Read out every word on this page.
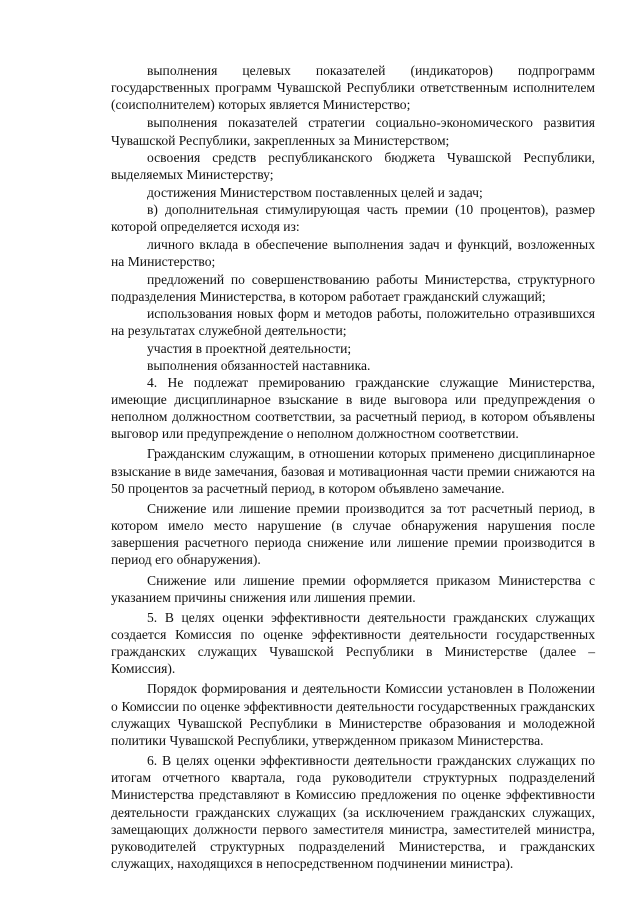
выполнения целевых показателей (индикаторов) подпрограмм государственных программ Чувашской Республики ответственным исполнителем (соисполнителем) которых является Министерство;

выполнения показателей стратегии социально-экономического развития Чувашской Республики, закрепленных за Министерством;

освоения средств республиканского бюджета Чувашской Республики, выделяемых Министерству;

достижения Министерством поставленных целей и задач;

в) дополнительная стимулирующая часть премии (10 процентов), размер которой определяется исходя из:

личного вклада в обеспечение выполнения задач и функций, возложенных на Министерство;

предложений по совершенствованию работы Министерства, структурного подразделения Министерства, в котором работает гражданский служащий;

использования новых форм и методов работы, положительно отразившихся на результатах служебной деятельности;

участия в проектной деятельности;

выполнения обязанностей наставника.

4. Не подлежат премированию гражданские служащие Министерства, имеющие дисциплинарное взыскание в виде выговора или предупреждения о неполном должностном соответствии, за расчетный период, в котором объявлены выговор или предупреждение о неполном должностном соответствии.

Гражданским служащим, в отношении которых применено дисциплинарное взыскание в виде замечания, базовая и мотивационная части премии снижаются на 50 процентов за расчетный период, в котором объявлено замечание.

Снижение или лишение премии производится за тот расчетный период, в котором имело место нарушение (в случае обнаружения нарушения после завершения расчетного периода снижение или лишение премии производится в период его обнаружения).

Снижение или лишение премии оформляется приказом Министерства с указанием причины снижения или лишения премии.

5. В целях оценки эффективности деятельности гражданских служащих создается Комиссия по оценке эффективности деятельности государственных гражданских служащих Чувашской Республики в Министерстве (далее – Комиссия).

Порядок формирования и деятельности Комиссии установлен в Положении о Комиссии по оценке эффективности деятельности государственных гражданских служащих Чувашской Республики в Министерстве образования и молодежной политики Чувашской Республики, утвержденном приказом Министерства.

6. В целях оценки эффективности деятельности гражданских служащих по итогам отчетного квартала, года руководители структурных подразделений Министерства представляют в Комиссию предложения по оценке эффективности деятельности гражданских служащих (за исключением гражданских служащих, замещающих должности первого заместителя министра, заместителей министра, руководителей структурных подразделений Министерства, и гражданских служащих, находящихся в непосредственном подчинении министра).
